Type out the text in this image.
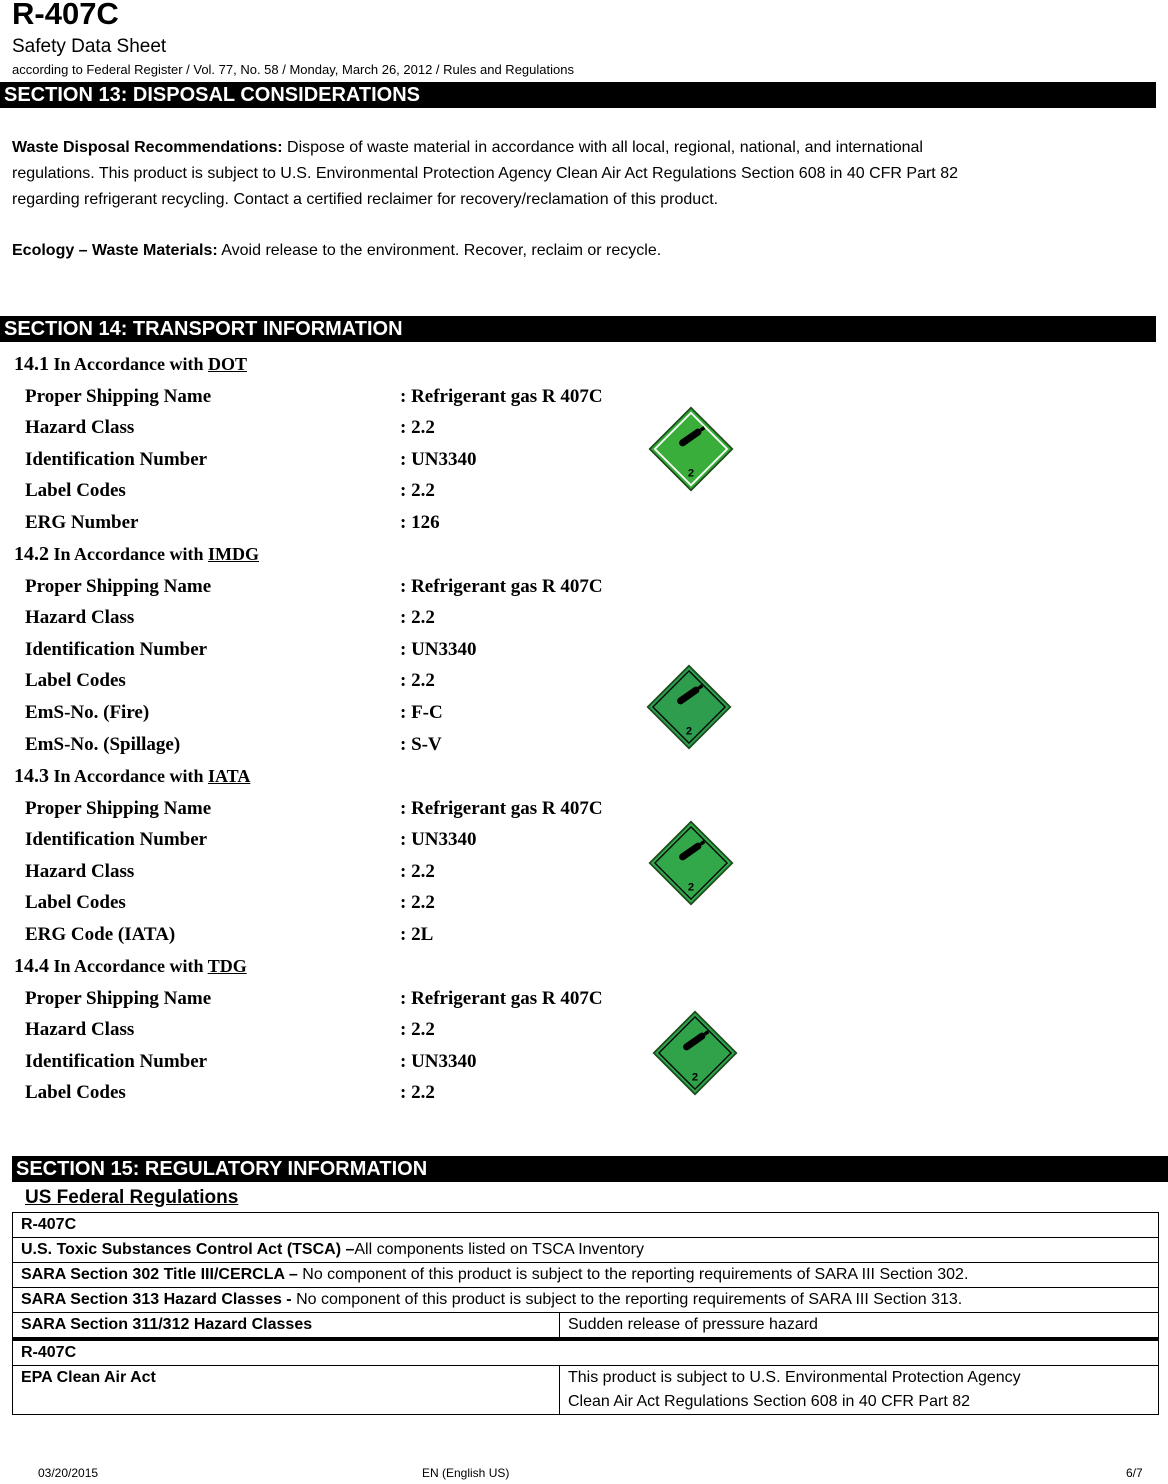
R-407C
Safety Data Sheet
according to Federal Register / Vol. 77, No. 58 / Monday, March 26, 2012 / Rules and Regulations
SECTION 13: DISPOSAL CONSIDERATIONS
Waste Disposal Recommendations: Dispose of waste material in accordance with all local, regional, national, and international
regulations. This product is subject to U.S. Environmental Protection Agency Clean Air Act Regulations Section 608 in 40 CFR Part 82
regarding refrigerant recycling. Contact a certified reclaimer for recovery/reclamation of this product.
Ecology – Waste Materials: Avoid release to the environment. Recover, reclaim or recycle.
SECTION 14: TRANSPORT INFORMATION
14.1 In Accordance with DOT
Proper Shipping Name	: Refrigerant gas R 407C
Hazard Class	: 2.2
Identification Number	: UN3340
Label Codes	: 2.2
ERG Number	: 126
14.2 In Accordance with IMDG
Proper Shipping Name	: Refrigerant gas R 407C
Hazard Class	: 2.2
Identification Number	: UN3340
Label Codes	: 2.2
EmS-No. (Fire)	: F-C
EmS-No. (Spillage)	: S-V
14.3 In Accordance with IATA
Proper Shipping Name	: Refrigerant gas R 407C
Identification Number	: UN3340
Hazard Class	: 2.2
Label Codes	: 2.2
ERG Code (IATA)	: 2L
14.4 In Accordance with TDG
Proper Shipping Name	: Refrigerant gas R 407C
Hazard Class	: 2.2
Identification Number	: UN3340
Label Codes	: 2.2
2
2
2
2
SECTION 15: REGULATORY INFORMATION
US Federal Regulations
R-407C	
U.S. Toxic Substances Control Act (TSCA) –All components listed on TSCA Inventory	
SARA Section 302 Title III/CERCLA – No component of this product is subject to the reporting requirements of SARA III Section 302.	
SARA Section 313 Hazard Classes - No component of this product is subject to the reporting requirements of SARA III Section 313.	
SARA Section 311/312 Hazard Classes	Sudden release of pressure hazard
R-407C	
EPA Clean Air Act	This product is subject to U.S. Environmental Protection Agency
Clean Air Act Regulations Section 608 in 40 CFR Part 82
03/20/2015	EN (English US)	6/7
